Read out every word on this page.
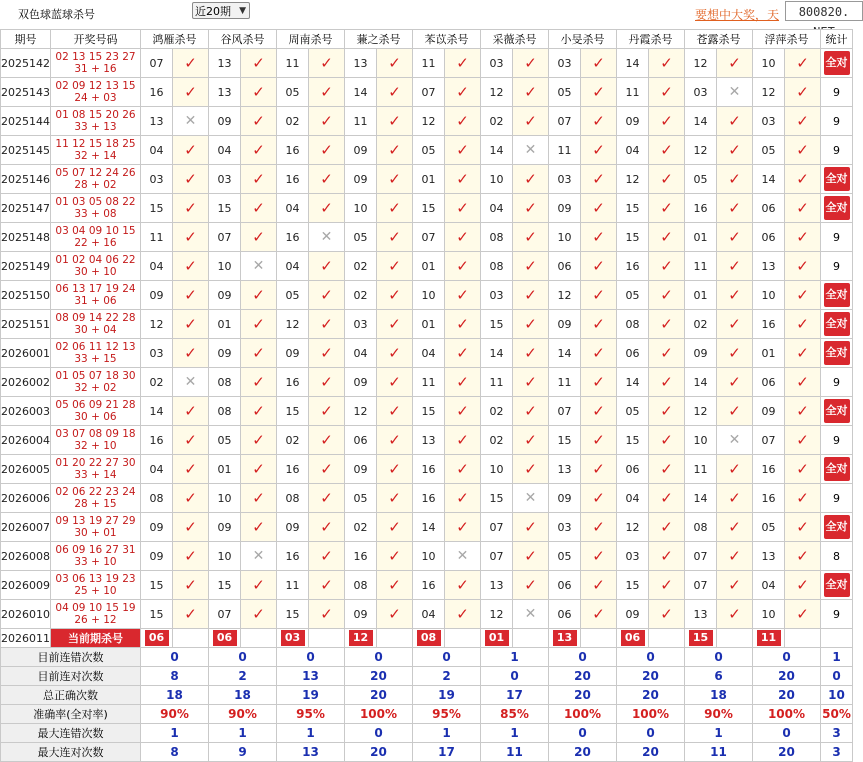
双色球蓝球杀号	近20期 ▼	要想中大奖，天	800820.
期号	开奖号码	鸿雁杀号		谷风杀号		周南杀号		蒹之杀号		苯苡杀号		采薇杀号		小旻杀号		丹霞杀号		苍露杀号		浮萍杀号		统计
2025142	02 13 15 23 27 31 + 16	07	✓	13	✓	11	✓	13	✓	11	✓	03	✓	03	✓	14	✓	12	✓	10	✓	全对
2025143	02 09 12 13 15 24 + 03	16	✓	13	✓	05	✓	14	✓	07	✓	12	✓	05	✓	11	✓	03	✕	12	✓	9
2025144	01 08 15 20 26 33 + 13	13	✕	09	✓	02	✓	11	✓	12	✓	02	✓	07	✓	09	✓	14	✓	03	✓	9
2025145	11 12 15 18 25 32 + 14	04	✓	04	✓	16	✓	09	✓	05	✓	14	✕	11	✓	04	✓	12	✓	05	✓	9
2025146	05 07 12 24 26 28 + 02	03	✓	03	✓	16	✓	09	✓	01	✓	10	✓	03	✓	12	✓	05	✓	14	✓	全对
2025147	01 03 05 08 22 33 + 08	15	✓	15	✓	04	✓	10	✓	15	✓	04	✓	09	✓	15	✓	16	✓	06	✓	全对
2025148	03 04 09 10 15 22 + 16	11	✓	07	✓	16	✕	05	✓	07	✓	08	✓	10	✓	15	✓	01	✓	06	✓	9
2025149	01 02 04 06 22 30 + 10	04	✓	10	✕	04	✓	02	✓	01	✓	08	✓	06	✓	16	✓	11	✓	13	✓	9
2025150	06 13 17 19 24 31 + 06	09	✓	09	✓	05	✓	02	✓	10	✓	03	✓	12	✓	05	✓	01	✓	10	✓	全对
2025151	08 09 14 22 28 30 + 04	12	✓	01	✓	12	✓	03	✓	01	✓	15	✓	09	✓	08	✓	02	✓	16	✓	全对
2026001	02 06 11 12 13 33 + 15	03	✓	09	✓	09	✓	04	✓	04	✓	14	✓	14	✓	06	✓	09	✓	01	✓	全对
2026002	01 05 07 18 30 32 + 02	02	✕	08	✓	16	✓	09	✓	11	✓	11	✓	11	✓	14	✓	14	✓	06	✓	9
2026003	05 06 09 21 28 30 + 06	14	✓	08	✓	15	✓	12	✓	15	✓	02	✓	07	✓	05	✓	12	✓	09	✓	全对
2026004	03 07 08 09 18 32 + 10	16	✓	05	✓	02	✓	06	✓	13	✓	02	✓	15	✓	15	✓	10	✕	07	✓	9
2026005	01 20 22 27 30 33 + 14	04	✓	01	✓	16	✓	09	✓	16	✓	10	✓	13	✓	06	✓	11	✓	16	✓	全对
2026006	02 06 22 23 24 28 + 15	08	✓	10	✓	08	✓	05	✓	16	✓	15	✕	09	✓	04	✓	14	✓	16	✓	9
2026007	09 13 19 27 29 30 + 01	09	✓	09	✓	09	✓	02	✓	14	✓	07	✓	03	✓	12	✓	08	✓	05	✓	全对
2026008	06 09 16 27 31 33 + 10	09	✓	10	✕	16	✓	16	✓	10	✕	07	✓	05	✓	03	✓	07	✓	13	✓	8
2026009	03 06 13 19 23 25 + 10	15	✓	15	✓	11	✓	08	✓	16	✓	13	✓	06	✓	15	✓	07	✓	04	✓	全对
2026010	04 09 10 15 19 26 + 12	15	✓	07	✓	15	✓	09	✓	04	✓	12	✕	06	✓	09	✓	13	✓	10	✓	9
2026011	当前期杀号	06		06		03		12		08		01		13		06		15		11		
目前连错次数		0		0		0		0		0		1		0		0		0		0		1
目前连对次数		8		2		13		20		2		0		20		20		6		20		0
总正确次数		18		18		19		20		19		17		20		20		18		20		10
准确率(全对率)		90%		90%		95%		100%		95%		85%		100%		100%		90%		100%		50%
最大连错次数		1		1		1		0		1		1		0		0		1		0		3
最大连对次数		8		9		13		20		17		11		20		20		11		20		3
